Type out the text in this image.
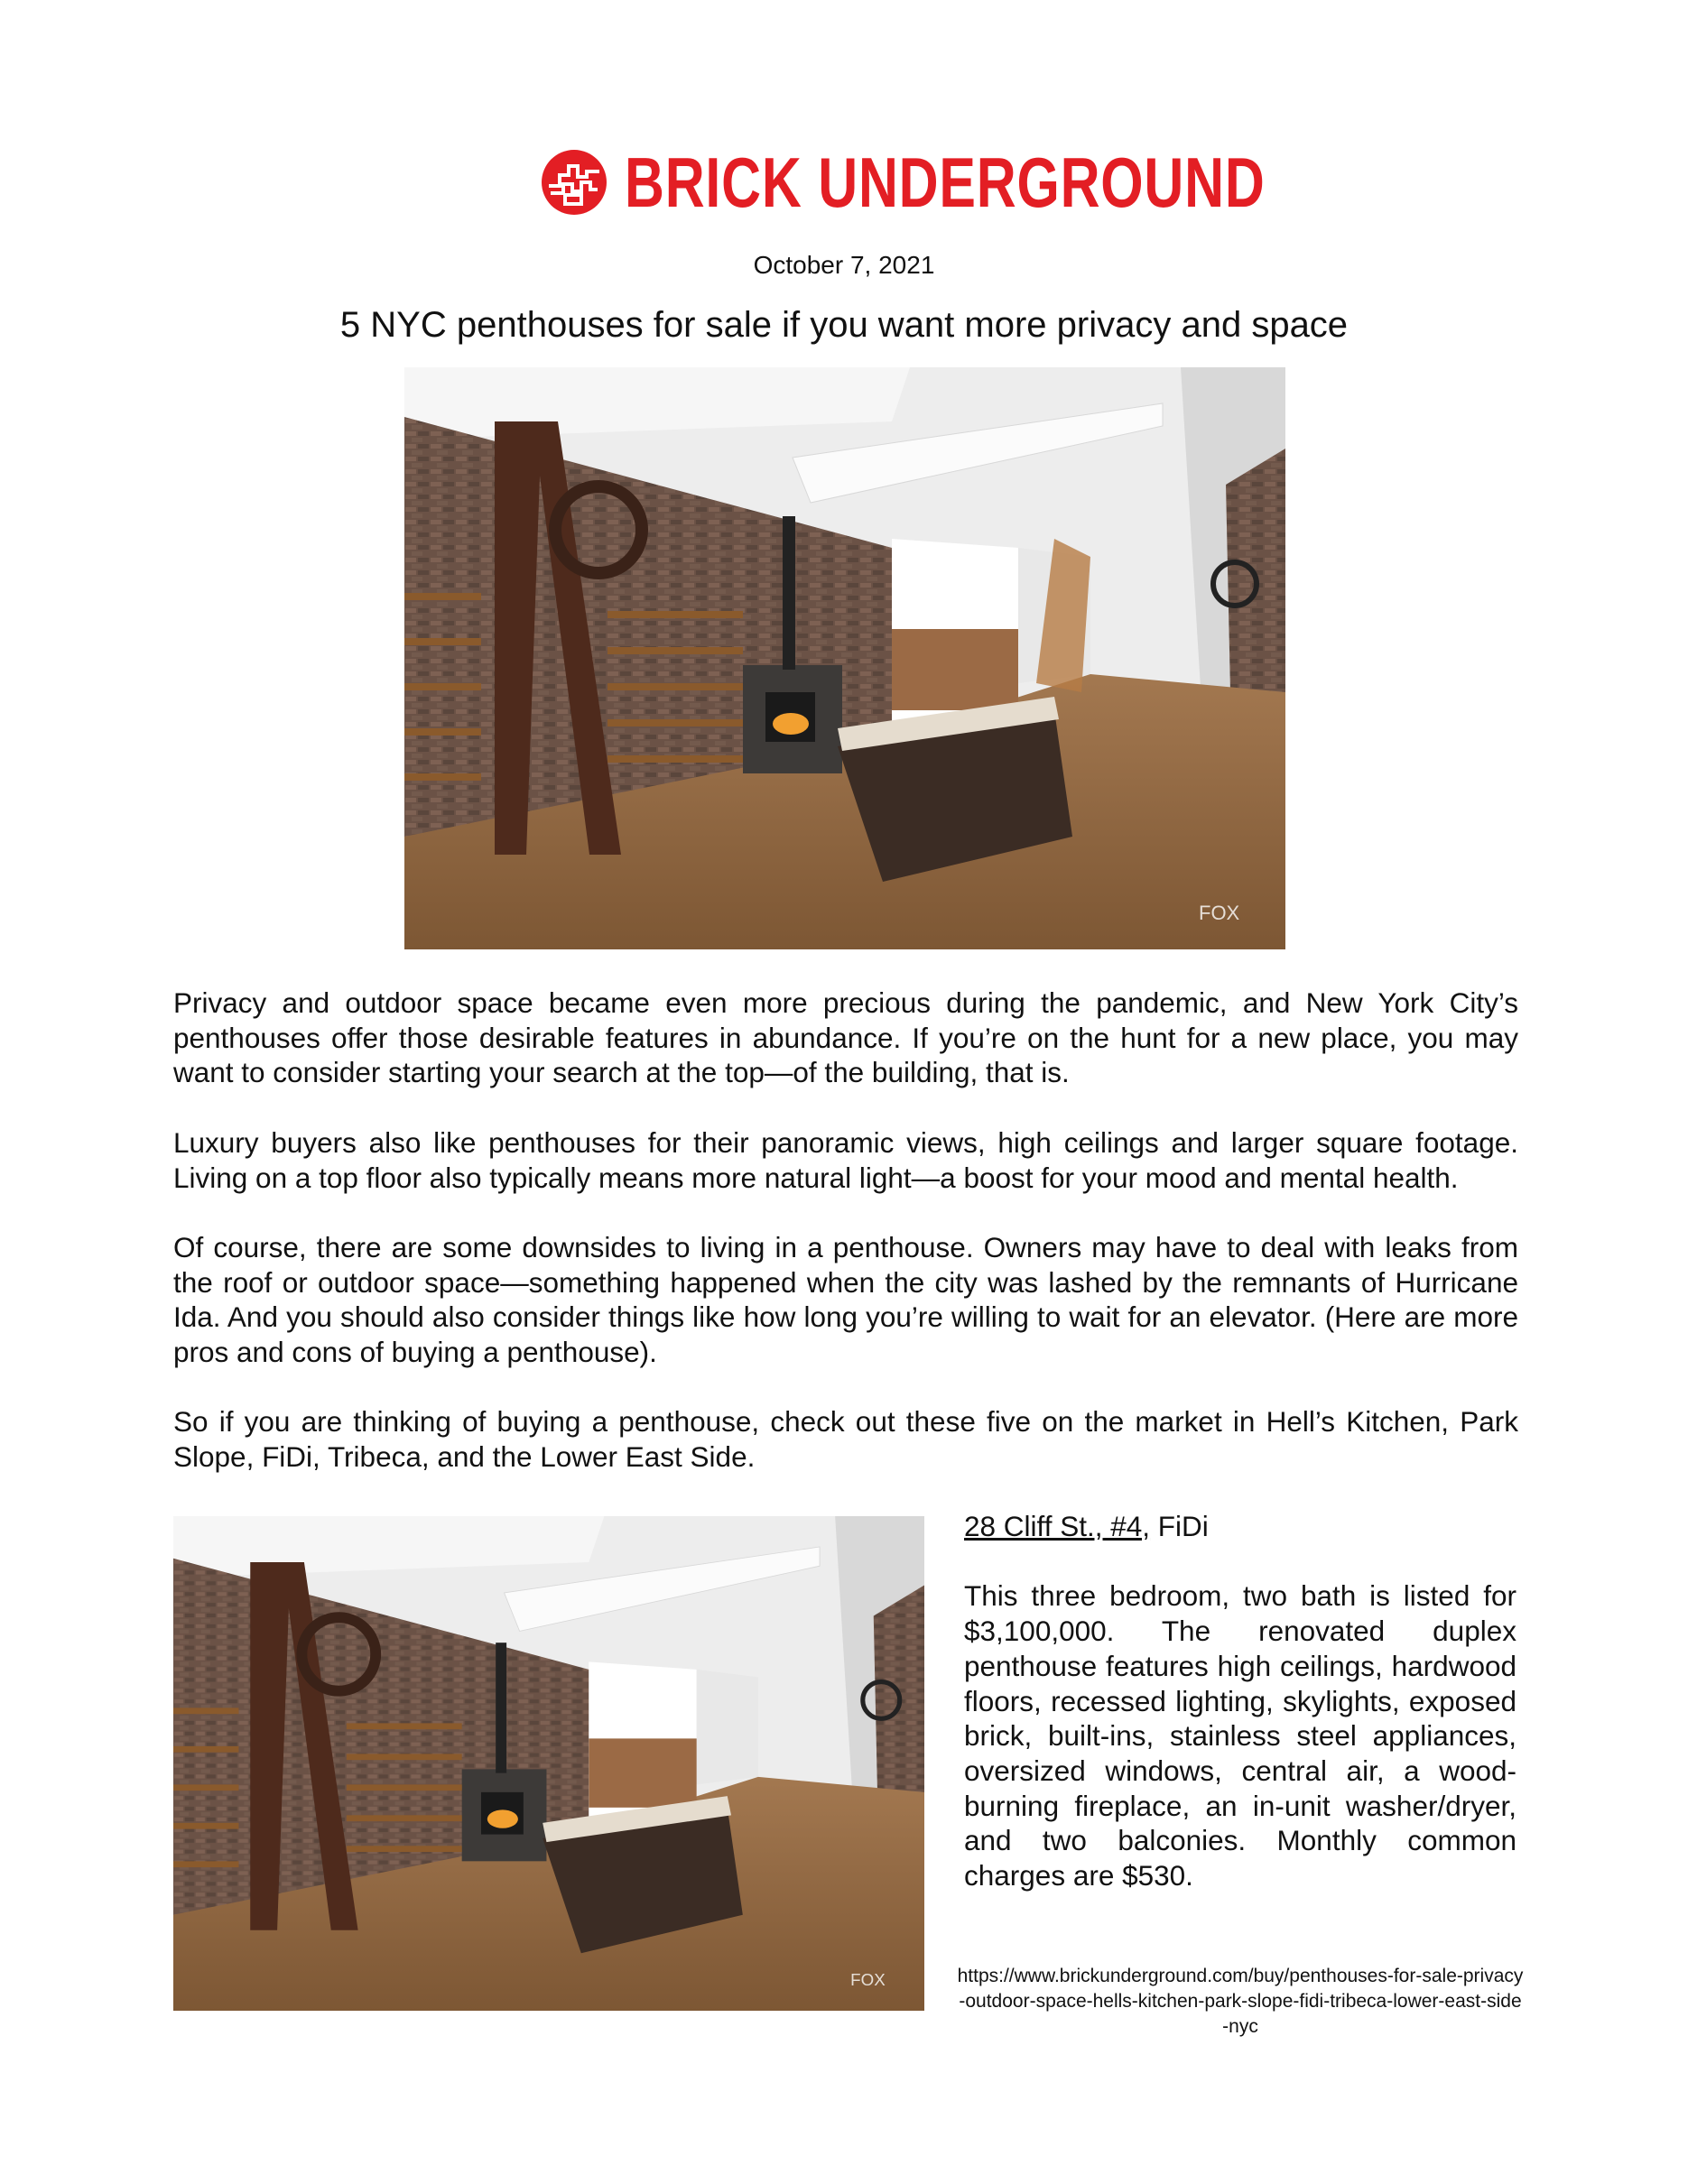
BRICK UNDERGROUND
October 7, 2021
5 NYC penthouses for sale if you want more privacy and space
FOX

Privacy and outdoor space became even more precious during the pandemic, and New York City’s penthouses offer those desirable features in abundance. If you’re on the hunt for a new place, you may want to consider starting your search at the top—of the building, that is.

Luxury buyers also like penthouses for their panoramic views, high ceilings and larger square footage. Living on a top floor also typically means more natural light—a boost for your mood and mental health.

Of course, there are some downsides to living in a penthouse. Owners may have to deal with leaks from the roof or outdoor space—something happened when the city was lashed by the remnants of Hurricane Ida. And you should also consider things like how long you’re willing to wait for an elevator. (Here are more pros and cons of buying a penthouse).

So if you are thinking of buying a penthouse, check out these five on the market in Hell’s Kitchen, Park Slope, FiDi, Tribeca, and the Lower East Side.

FOX

28 Cliff St., #4, FiDi

This three bedroom, two bath is listed for $3,100,000. The renovated duplex penthouse features high ceilings, hardwood floors, recessed lighting, skylights, exposed brick, built-ins, stainless steel appliances, oversized windows, central air, a wood-burning fireplace, an in-unit washer/dryer, and two balconies. Monthly common charges are $530.

https://www.brickunderground.com/buy/penthouses-for-sale-privacy-outdoor-space-hells-kitchen-park-slope-fidi-tribeca-lower-east-side-nyc
